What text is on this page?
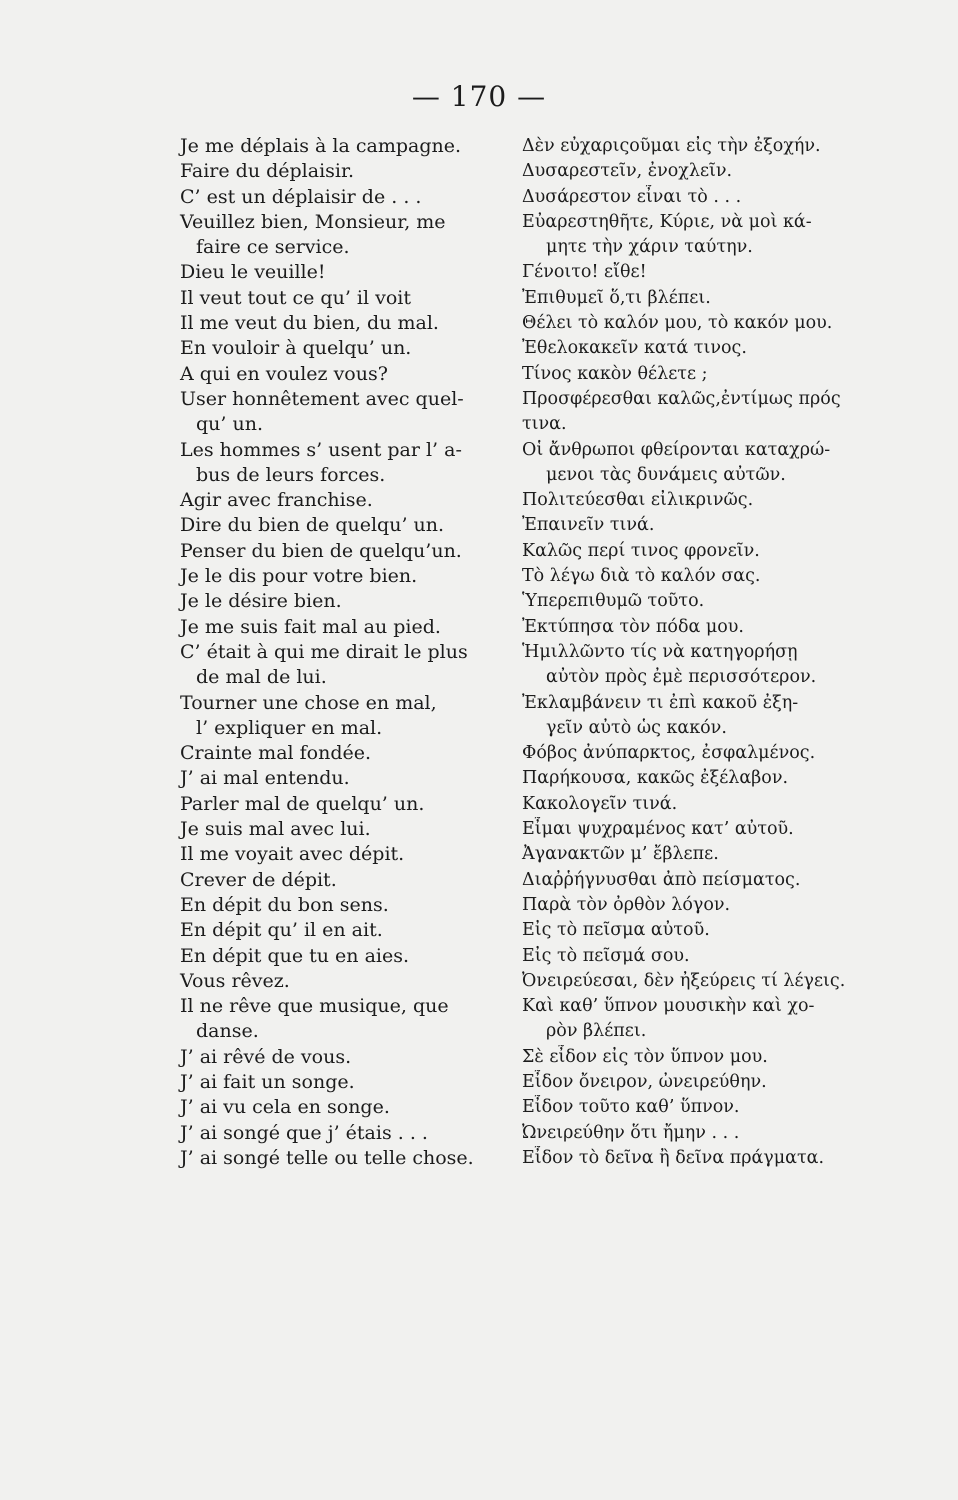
— 170 —
Je me déplais à la campagne.	Δὲν εὐχαριςοῦμαι εἰς τὴν ἐξοχήν.
Faire du déplaisir.	Δυσαρεστεῖν, ἐνοχλεῖν.
C’ est un déplaisir de . . .	Δυσάρεστον εἶναι τὸ . . .
Veuillez bien, Monsieur, me	Εὐαρεστηθῆτε, Κύριε, νὰ μοὶ κά-
faire ce service.	μητε τὴν χάριν ταύτην.
Dieu le veuille!	Γένοιτο! εἴθε!
Il veut tout ce qu’ il voit	Ἐπιθυμεῖ ὅ,τι βλέπει.
Il me veut du bien, du mal.	Θέλει τὸ καλόν μου, τὸ κακόν μου.
En vouloir à quelqu’ un.	Ἐθελοκακεῖν κατά τινος.
A qui en voulez vous?	Τίνος κακὸν θέλετε ;
User honnêtement avec quel-	Προσφέρεσθαι καλῶς,ἐντίμως πρός
qu’ un.	τινα.
Les hommes s’ usent par l’ a-	Οἱ ἄνθρωποι φθείρονται καταχρώ-
bus de leurs forces.	μενοι τὰς δυνάμεις αὐτῶν.
Agir avec franchise.	Πολιτεύεσθαι εἰλικρινῶς.
Dire du bien de quelqu’ un.	Ἐπαινεῖν τινά.
Penser du bien de quelqu’un.	Καλῶς περί τινος φρονεῖν.
Je le dis pour votre bien.	Τὸ λέγω διὰ τὸ καλόν σας.
Je le désire bien.	Ὑπερεπιθυμῶ τοῦτο.
Je me suis fait mal au pied.	Ἐκτύπησα τὸν πόδα μου.
C’ était à qui me dirait le plus	Ἡμιλλῶντο τίς νὰ κατηγορήσῃ
de mal de lui.	αὐτὸν πρὸς ἐμὲ περισσότερον.
Tourner une chose en mal,	Ἐκλαμβάνειν τι ἐπὶ κακοῦ ἐξη-
l’ expliquer en mal.	γεῖν αὐτὸ ὡς κακόν.
Crainte mal fondée.	Φόβος ἀνύπαρκτος, ἐσφαλμένος.
J’ ai mal entendu.	Παρήκουσα, κακῶς ἐξέλαβον.
Parler mal de quelqu’ un.	Κακολογεῖν τινά.
Je suis mal avec lui.	Εἶμαι ψυχραμένος κατ’ αὐτοῦ.
Il me voyait avec dépit.	Ἀγανακτῶν μ’ ἔβλεπε.
Crever de dépit.	Διαῤῥήγνυσθαι ἀπὸ πείσματος.
En dépit du bon sens.	Παρὰ τὸν ὀρθὸν λόγον.
En dépit qu’ il en ait.	Εἰς τὸ πεῖσμα αὐτοῦ.
En dépit que tu en aies.	Εἰς τὸ πεῖσμά σου.
Vous rêvez.	Ὀνειρεύεσαι, δὲν ἠξεύρεις τί λέγεις.
Il ne rêve que musique, que	Καὶ καθ’ ὕπνον μουσικὴν καὶ χο-
danse.	ρὸν βλέπει.
J’ ai rêvé de vous.	Σὲ εἶδον εἰς τὸν ὕπνον μου.
J’ ai fait un songe.	Εἶδον ὄνειρον, ὠνειρεύθην.
J’ ai vu cela en songe.	Εἶδον τοῦτο καθ’ ὕπνον.
J’ ai songé que j’ étais . . .	Ὠνειρεύθην ὅτι ἤμην . . .
J’ ai songé telle ou telle chose.	Εἶδον τὸ δεῖνα ἢ δεῖνα πράγματα.
